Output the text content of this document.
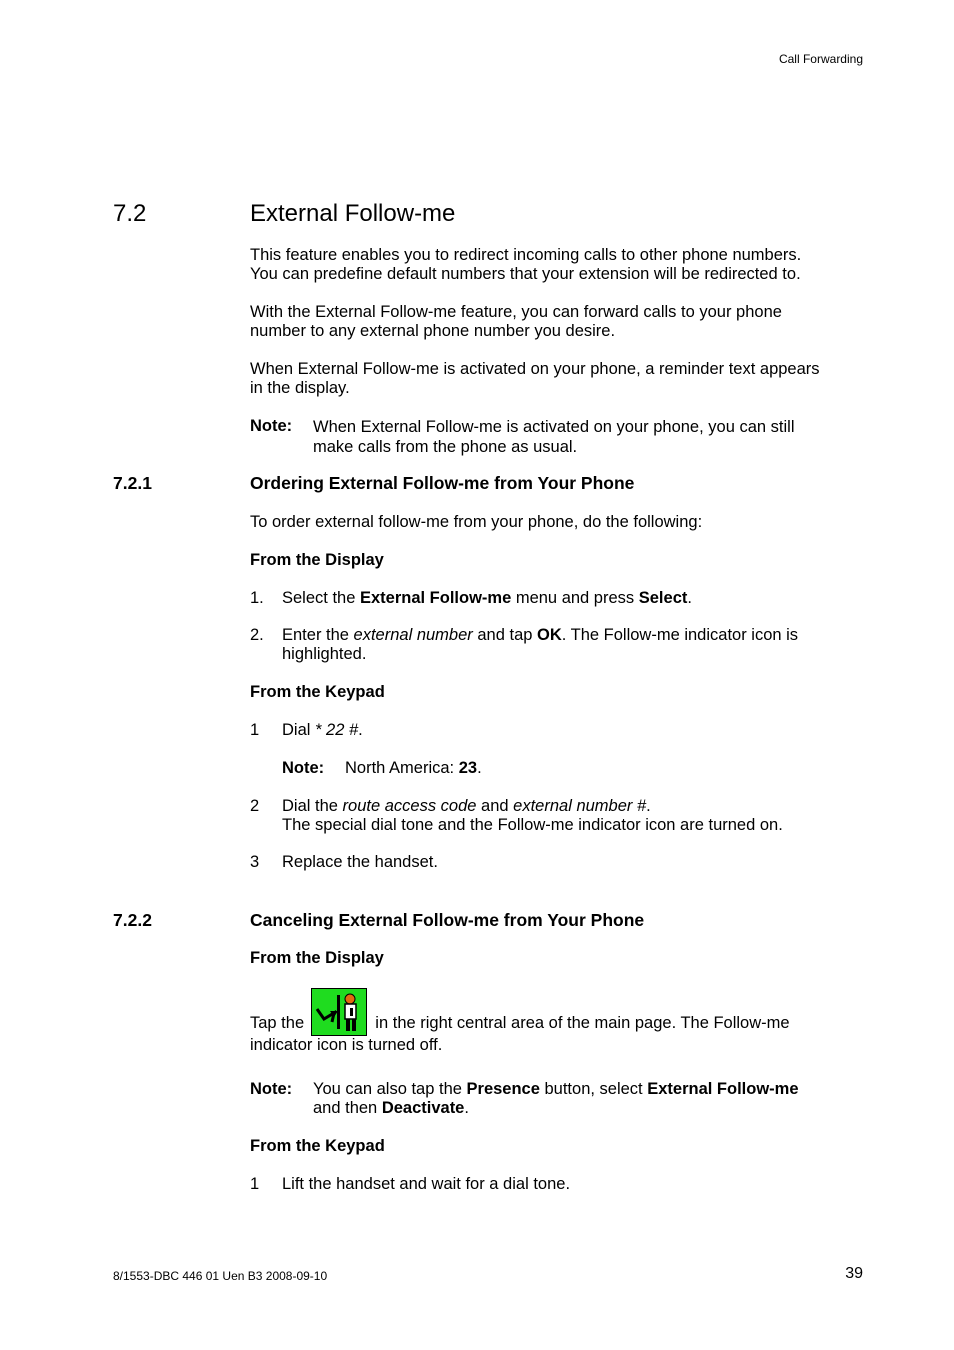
Call Forwarding
7.2	External Follow-me
This feature enables you to redirect incoming calls to other phone numbers.
You can predefine default numbers that your extension will be redirected to.
With the External Follow-me feature, you can forward calls to your phone
number to any external phone number you desire.
When External Follow-me is activated on your phone, a reminder text appears
in the display.
Note: When External Follow-me is activated on your phone, you can still
make calls from the phone as usual.
7.2.1	Ordering External Follow-me from Your Phone
To order external follow-me from your phone, do the following:
From the Display
1. Select the External Follow-me menu and press Select.
2. Enter the external number and tap OK. The Follow-me indicator icon is
highlighted.
From the Keypad
1 Dial * 22 #.
Note: North America: 23.
2 Dial the route access code and external number #.
The special dial tone and the Follow-me indicator icon are turned on.
3 Replace the handset.
7.2.2	Canceling External Follow-me from Your Phone
From the Display
Tap the	in the right central area of the main page. The Follow-me
indicator icon is turned off.
Note: You can also tap the Presence button, select External Follow-me
and then Deactivate.
From the Keypad
1 Lift the handset and wait for a dial tone.
8/1553-DBC 446 01 Uen B3 2008-09-10	39
